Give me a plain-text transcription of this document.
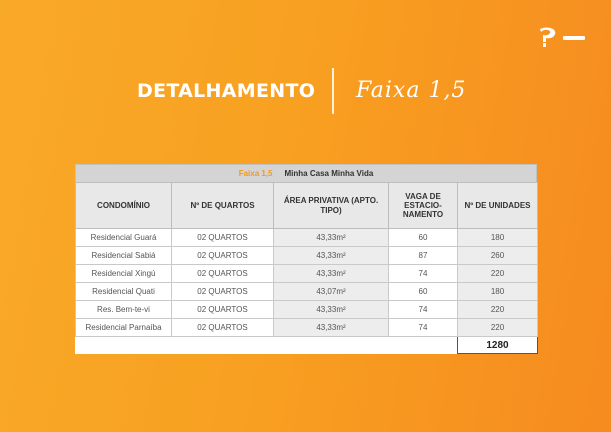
DETALHAMENTO Faixa 1,5
Faixa 1,5 Minha Casa Minha Vida
CONDOMÍNIO	Nº DE QUARTOS	ÁREA PRIVATIVA (APTO. TIPO)	VAGA DE ESTACIO- NAMENTO	Nº DE UNIDADES
Residencial Guará	02 QUARTOS	43,33m²	60	180
Residencial Sabiá	02 QUARTOS	43,33m²	87	260
Residencial Xingú	02 QUARTOS	43,33m²	74	220
Residencial Quati	02 QUARTOS	43,07m²	60	180
Res. Bem-te-vi	02 QUARTOS	43,33m²	74	220
Residencial Parnaíba	02 QUARTOS	43,33m²	74	220
		TOTAL UNIDADE		1280
